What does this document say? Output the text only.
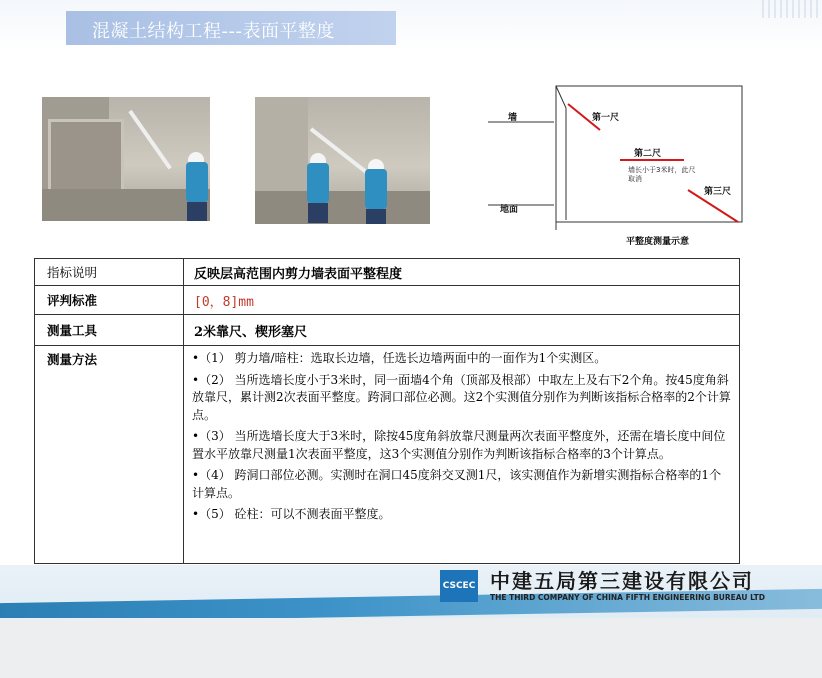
混凝土结构工程---表面平整度
墙
地面
第一尺
第二尺
墙长小于3米时，此尺取消
第三尺
平整度测量示意
指标说明	反映层高范围内剪力墙表面平整程度
评判标准	[0，8]mm
测量工具	2米靠尺、楔形塞尺
测量方法	•（1） 剪力墙/暗柱：选取长边墙，任选长边墙两面中的一面作为1个实测区。
•（2） 当所选墙长度小于3米时，同一面墙4个角（顶部及根部）中取左上及右下2个角。按45度角斜放靠尺，累计测2次表面平整度。跨洞口部位必测。这2个实测值分别作为判断该指标合格率的2个计算点。
•（3） 当所选墙长度大于3米时，除按45度角斜放靠尺测量两次表面平整度外，还需在墙长度中间位置水平放靠尺测量1次表面平整度，这3个实测值分别作为判断该指标合格率的3个计算点。
•（4） 跨洞口部位必测。实测时在洞口45度斜交叉测1尺，该实测值作为新增实测指标合格率的1个计算点。
•（5） 砼柱：可以不测表面平整度。
CSCEC 中建五局第三建设有限公司
THE THIRD COMPANY OF CHINA FIFTH ENGINEERING BUREAU LTD
